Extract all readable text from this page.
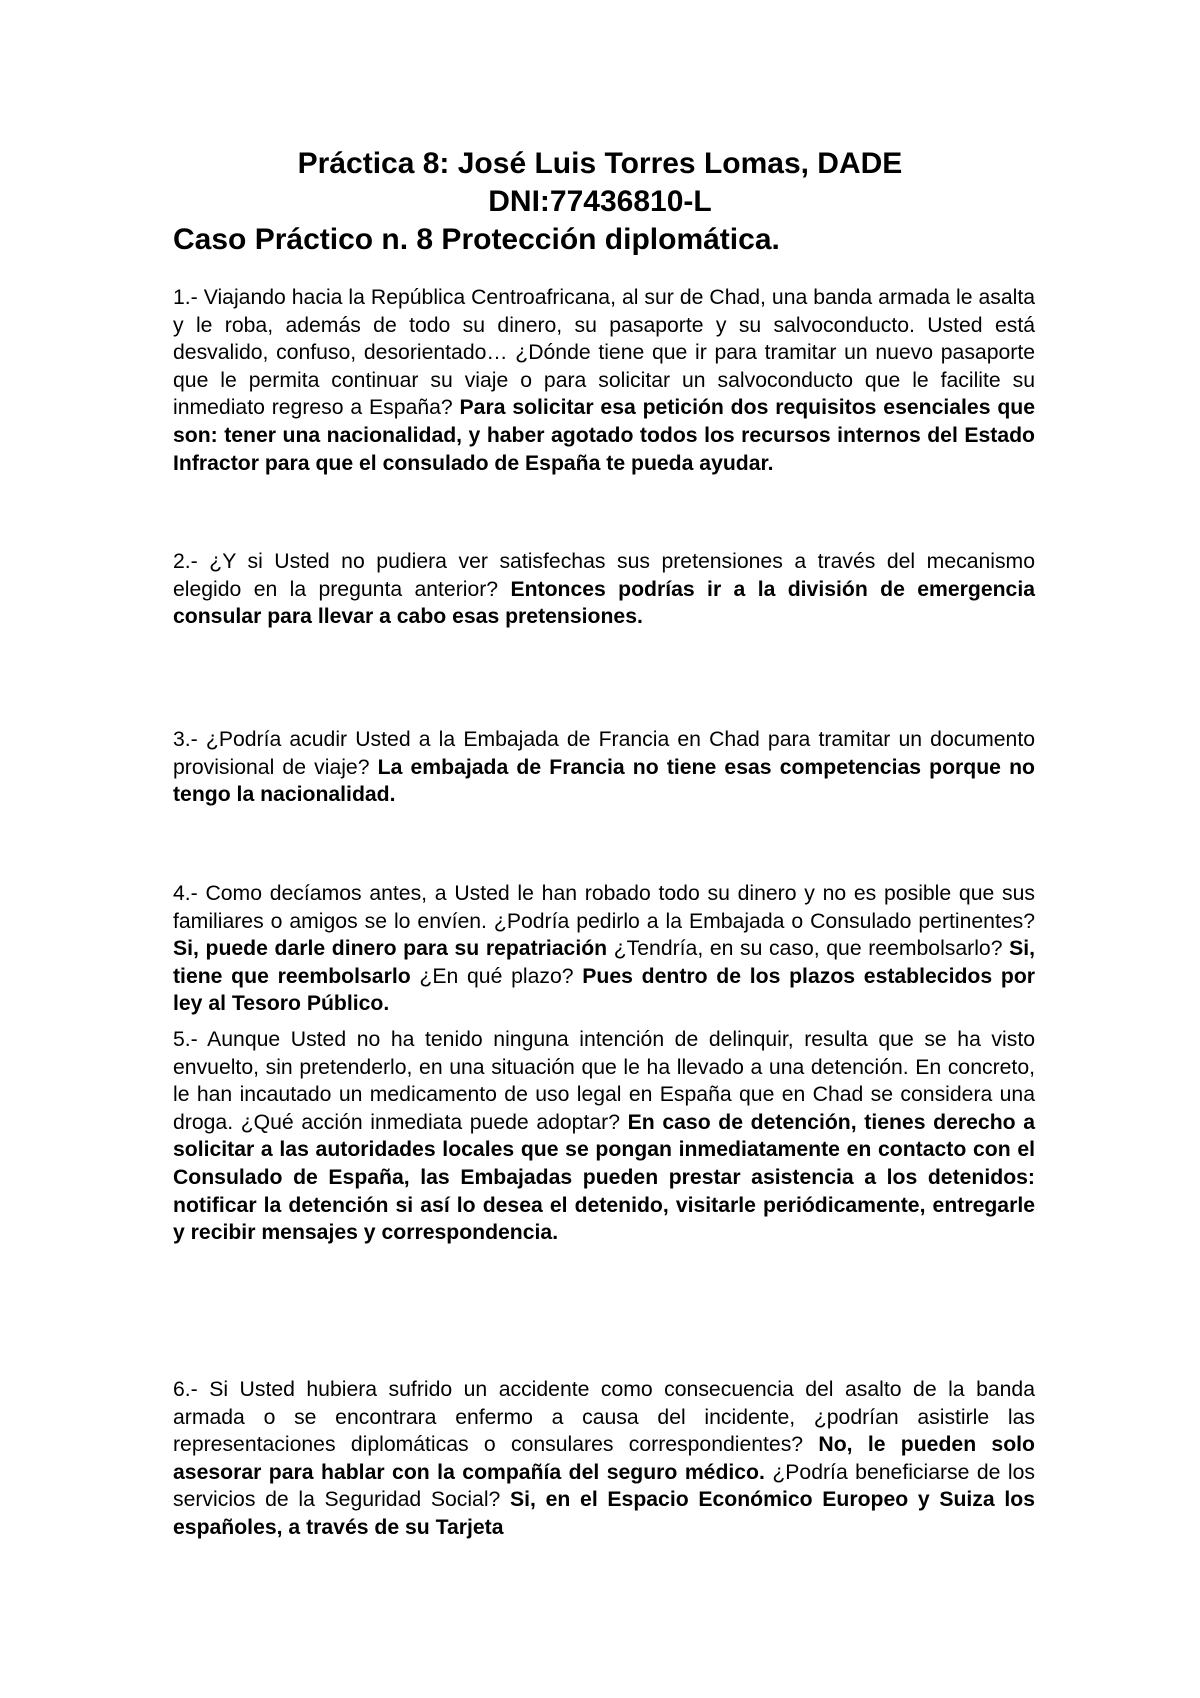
Práctica 8: José Luis Torres Lomas, DADE
DNI:77436810-L
Caso Práctico n. 8 Protección diplomática.
1.- Viajando hacia la República Centroafricana, al sur de Chad, una banda armada le asalta y le roba, además de todo su dinero, su pasaporte y su salvoconducto. Usted está desvalido, confuso, desorientado… ¿Dónde tiene que ir para tramitar un nuevo pasaporte que le permita continuar su viaje o para solicitar un salvoconducto que le facilite su inmediato regreso a España? Para solicitar esa petición dos requisitos esenciales que son: tener una nacionalidad, y haber agotado todos los recursos internos del Estado Infractor para que el consulado de España te pueda ayudar.
2.- ¿Y si Usted no pudiera ver satisfechas sus pretensiones a través del mecanismo elegido en la pregunta anterior? Entonces podrías ir a la división de emergencia consular para llevar a cabo esas pretensiones.
3.- ¿Podría acudir Usted a la Embajada de Francia en Chad para tramitar un documento provisional de viaje? La embajada de Francia no tiene esas competencias porque no tengo la nacionalidad.
4.- Como decíamos antes, a Usted le han robado todo su dinero y no es posible que sus familiares o amigos se lo envíen. ¿Podría pedirlo a la Embajada o Consulado pertinentes? Si, puede darle dinero para su repatriación ¿Tendría, en su caso, que reembolsarlo? Si, tiene que reembolsarlo ¿En qué plazo? Pues dentro de los plazos establecidos por ley al Tesoro Público.
5.- Aunque Usted no ha tenido ninguna intención de delinquir, resulta que se ha visto envuelto, sin pretenderlo, en una situación que le ha llevado a una detención. En concreto, le han incautado un medicamento de uso legal en España que en Chad se considera una droga. ¿Qué acción inmediata puede adoptar? En caso de detención, tienes derecho a solicitar a las autoridades locales que se pongan inmediatamente en contacto con el Consulado de España, las Embajadas pueden prestar asistencia a los detenidos: notificar la detención si así lo desea el detenido, visitarle periódicamente, entregarle y recibir mensajes y correspondencia.
6.- Si Usted hubiera sufrido un accidente como consecuencia del asalto de la banda armada o se encontrara enfermo a causa del incidente, ¿podrían asistirle las representaciones diplomáticas o consulares correspondientes? No, le pueden solo asesorar para hablar con la compañía del seguro médico. ¿Podría beneficiarse de los servicios de la Seguridad Social? Si, en el Espacio Económico Europeo y Suiza los españoles, a través de su Tarjeta
